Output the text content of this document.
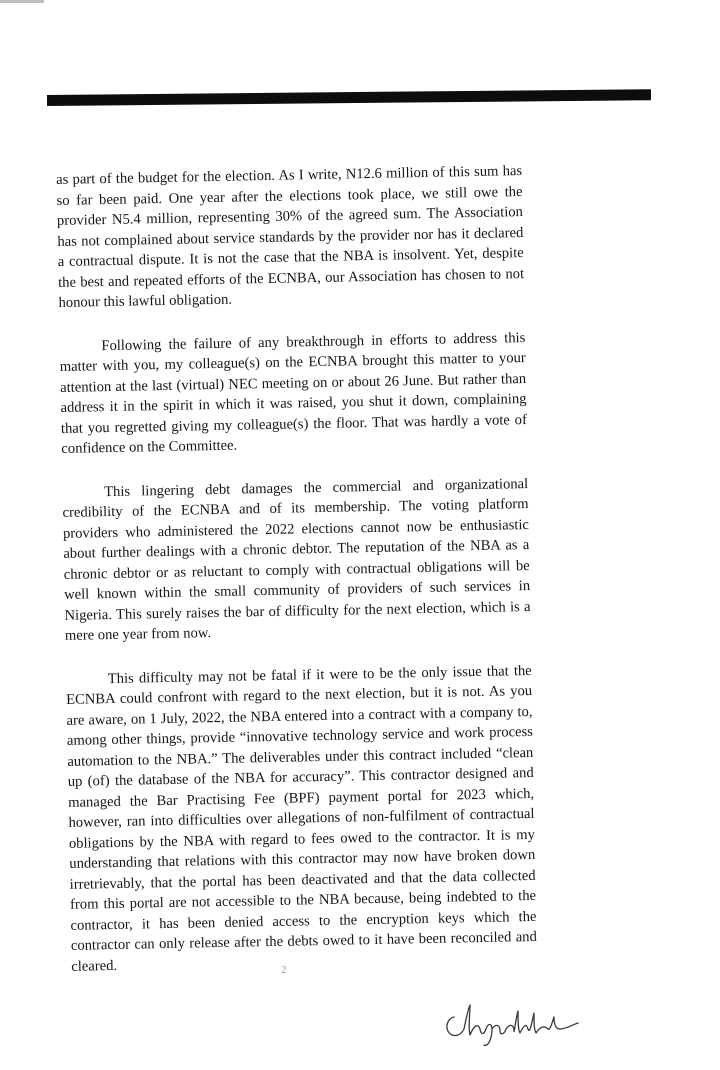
as part of the budget for the election. As I write, N12.6 million of this sum has so far been paid. One year after the elections took place, we still owe the provider N5.4 million, representing 30% of the agreed sum. The Association has not complained about service standards by the provider nor has it declared a contractual dispute. It is not the case that the NBA is insolvent. Yet, despite the best and repeated efforts of the ECNBA, our Association has chosen to not honour this lawful obligation.

Following the failure of any breakthrough in efforts to address this matter with you, my colleague(s) on the ECNBA brought this matter to your attention at the last (virtual) NEC meeting on or about 26 June. But rather than address it in the spirit in which it was raised, you shut it down, complaining that you regretted giving my colleague(s) the floor. That was hardly a vote of confidence on the Committee.

This lingering debt damages the commercial and organizational credibility of the ECNBA and of its membership. The voting platform providers who administered the 2022 elections cannot now be enthusiastic about further dealings with a chronic debtor. The reputation of the NBA as a chronic debtor or as reluctant to comply with contractual obligations will be well known within the small community of providers of such services in Nigeria. This surely raises the bar of difficulty for the next election, which is a mere one year from now.

This difficulty may not be fatal if it were to be the only issue that the ECNBA could confront with regard to the next election, but it is not. As you are aware, on 1 July, 2022, the NBA entered into a contract with a company to, among other things, provide “innovative technology service and work process automation to the NBA.” The deliverables under this contract included “clean up (of) the database of the NBA for accuracy”. This contractor designed and managed the Bar Practising Fee (BPF) payment portal for 2023 which, however, ran into difficulties over allegations of non-fulfilment of contractual obligations by the NBA with regard to fees owed to the contractor. It is my understanding that relations with this contractor may now have broken down irretrievably, that the portal has been deactivated and that the data collected from this portal are not accessible to the NBA because, being indebted to the contractor, it has been denied access to the encryption keys which the contractor can only release after the debts owed to it have been reconciled and cleared.	2
